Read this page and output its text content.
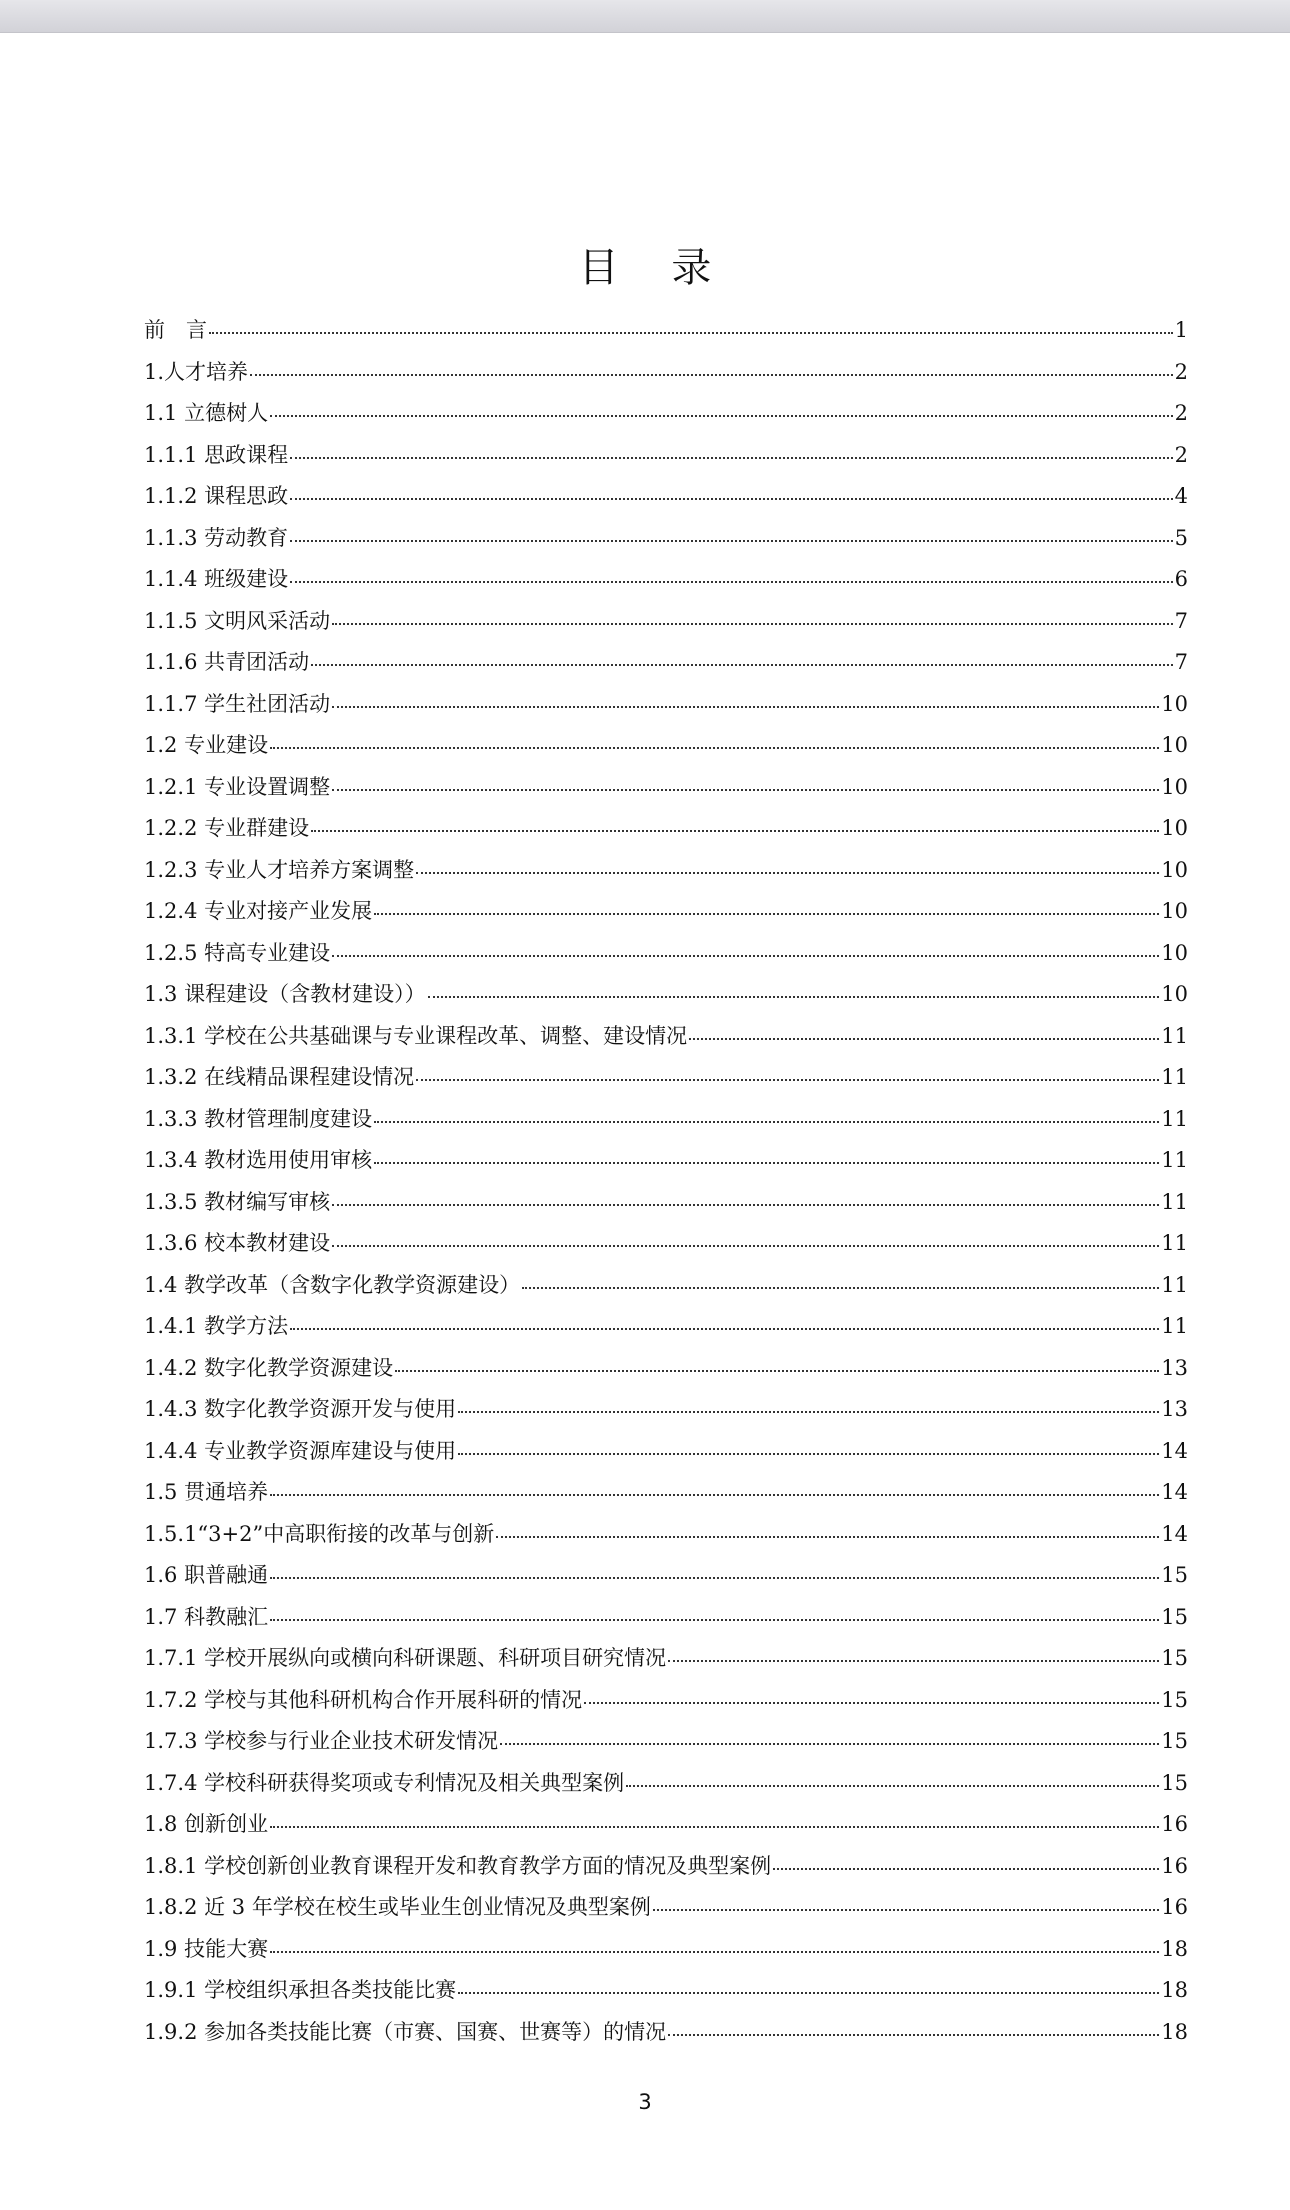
目 录
前　言	1
1.人才培养	2
1.1 立德树人	2
1.1.1 思政课程	2
1.1.2 课程思政	4
1.1.3 劳动教育	5
1.1.4 班级建设	6
1.1.5 文明风采活动	7
1.1.6 共青团活动	7
1.1.7 学生社团活动	10
1.2 专业建设	10
1.2.1 专业设置调整	10
1.2.2 专业群建设	10
1.2.3 专业人才培养方案调整	10
1.2.4 专业对接产业发展	10
1.2.5 特高专业建设	10
1.3 课程建设（含教材建设））	10
1.3.1 学校在公共基础课与专业课程改革、调整、建设情况	11
1.3.2 在线精品课程建设情况	11
1.3.3 教材管理制度建设	11
1.3.4 教材选用使用审核	11
1.3.5 教材编写审核	11
1.3.6 校本教材建设	11
1.4 教学改革（含数字化教学资源建设）	11
1.4.1 教学方法	11
1.4.2 数字化教学资源建设	13
1.4.3 数字化教学资源开发与使用	13
1.4.4 专业教学资源库建设与使用	14
1.5 贯通培养	14
1.5.1“3+2”中高职衔接的改革与创新	14
1.6 职普融通	15
1.7 科教融汇	15
1.7.1 学校开展纵向或横向科研课题、科研项目研究情况	15
1.7.2 学校与其他科研机构合作开展科研的情况	15
1.7.3 学校参与行业企业技术研发情况	15
1.7.4 学校科研获得奖项或专利情况及相关典型案例	15
1.8 创新创业	16
1.8.1 学校创新创业教育课程开发和教育教学方面的情况及典型案例	16
1.8.2 近 3 年学校在校生或毕业生创业情况及典型案例	16
1.9 技能大赛	18
1.9.1 学校组织承担各类技能比赛	18
1.9.2 参加各类技能比赛（市赛、国赛、世赛等）的情况	18
3
